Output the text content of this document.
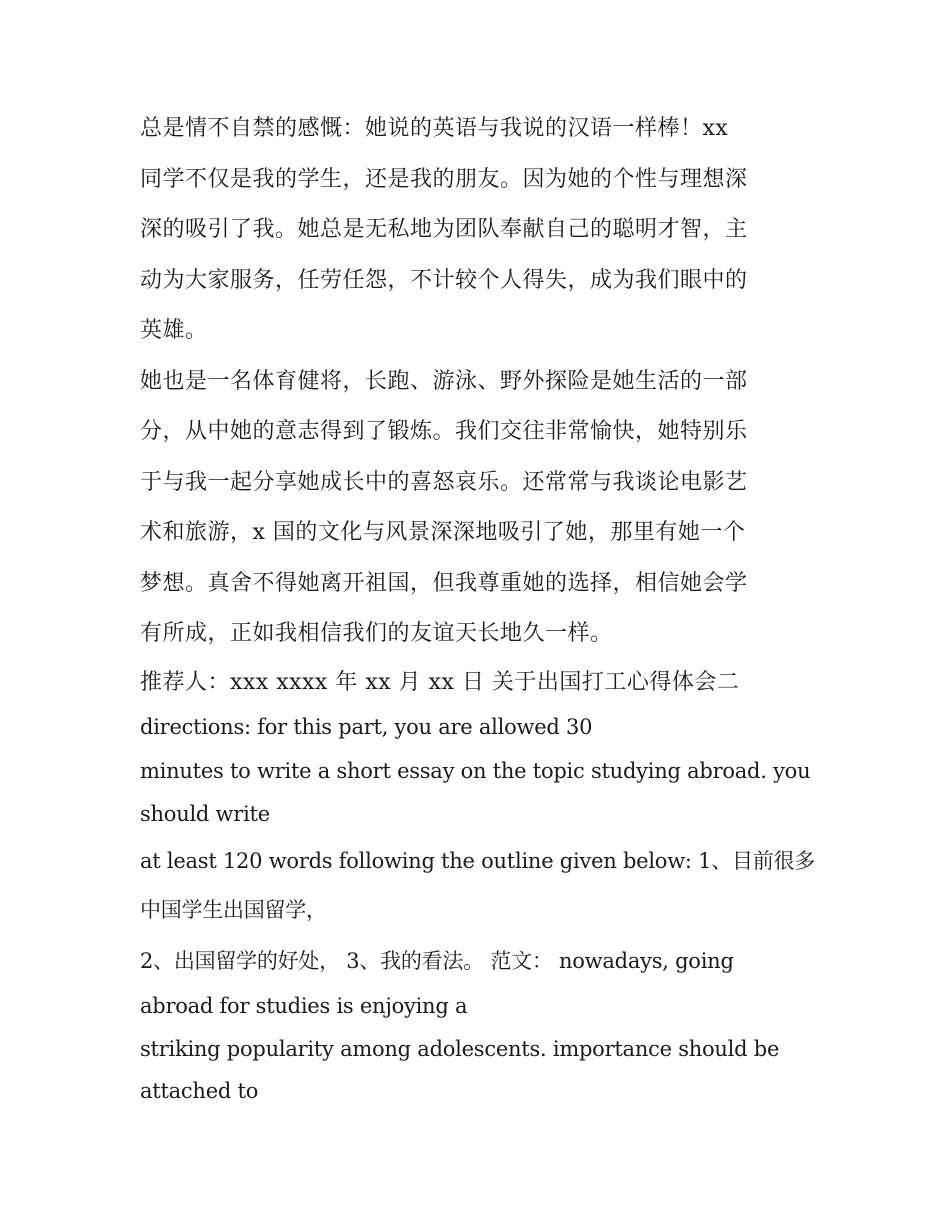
总是情不自禁的感慨：她说的英语与我说的汉语一样棒！xx
同学不仅是我的学生，还是我的朋友。因为她的个性与理想深
深的吸引了我。她总是无私地为团队奉献自己的聪明才智，主
动为大家服务，任劳任怨，不计较个人得失，成为我们眼中的
英雄。

她也是一名体育健将，长跑、游泳、野外探险是她生活的一部
分，从中她的意志得到了锻炼。我们交往非常愉快，她特别乐
于与我一起分享她成长中的喜怒哀乐。还常常与我谈论电影艺
术和旅游，x 国的文化与风景深深地吸引了她，那里有她一个
梦想。真舍不得她离开祖国，但我尊重她的选择，相信她会学
有所成，正如我相信我们的友谊天长地久一样。

推荐人：xxx xxxx 年 xx 月 xx 日 关于出国打工心得体会二

directions: for this part, you are allowed 30

minutes to write a short essay on the topic studying abroad. you
should write

at least 120 words following the outline given below: 1、目前很多
中国学生出国留学，

2、出国留学的好处， 3、我的看法。 范文： nowadays, going
abroad for studies is enjoying a

striking popularity among adolescents. importance should be
attached to
